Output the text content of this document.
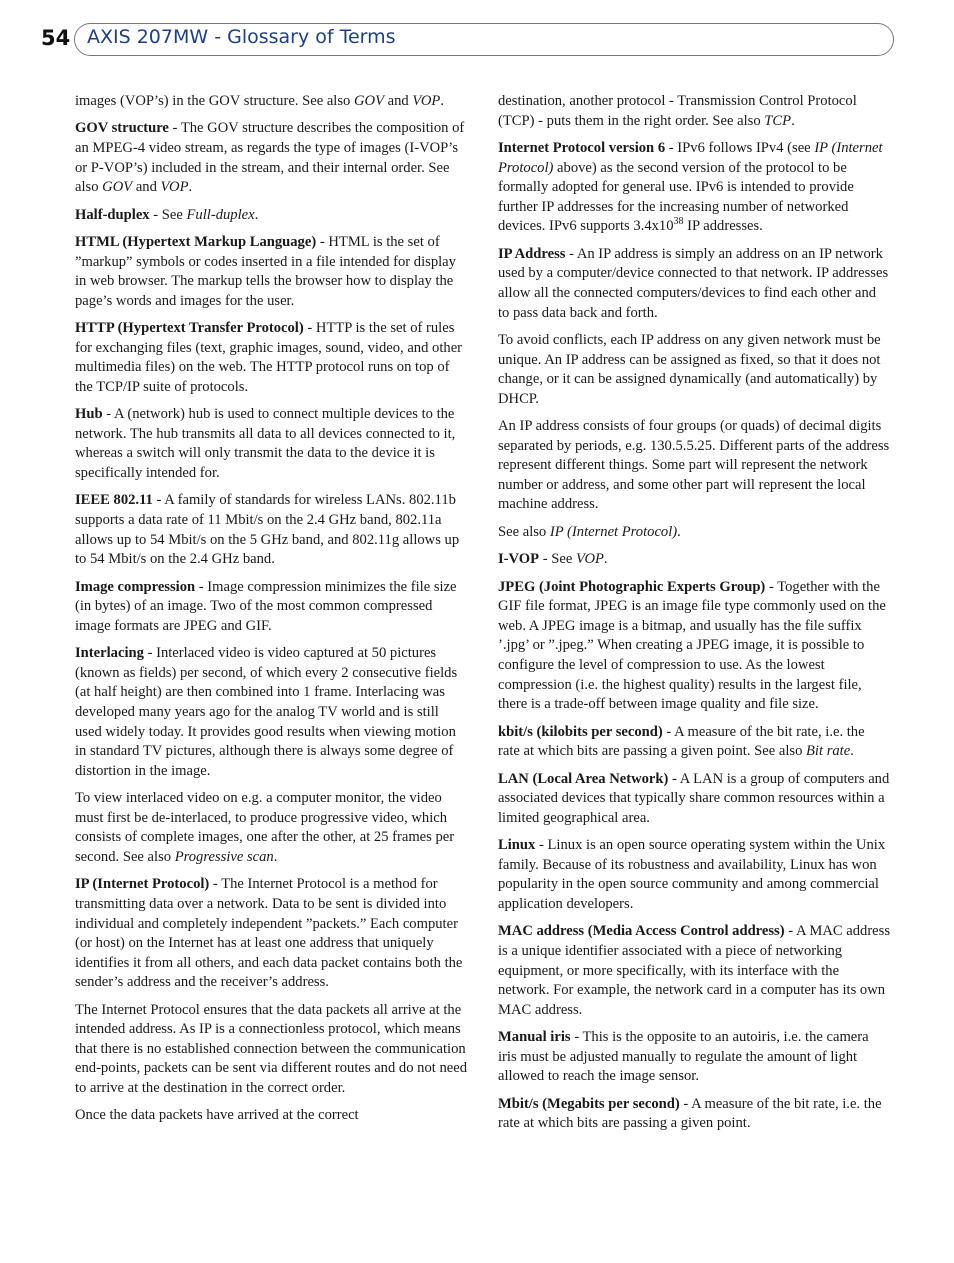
54 AXIS 207MW - Glossary of Terms

images (VOP’s) in the GOV structure. See also GOV and VOP.

GOV structure - The GOV structure describes the composition of an MPEG-4 video stream, as regards the type of images (I-VOP’s or P-VOP’s) included in the stream, and their internal order. See also GOV and VOP.

Half-duplex - See Full-duplex.

HTML (Hypertext Markup Language) - HTML is the set of ”markup” symbols or codes inserted in a file intended for display in web browser. The markup tells the browser how to display the page’s words and images for the user.

HTTP (Hypertext Transfer Protocol) - HTTP is the set of rules for exchanging files (text, graphic images, sound, video, and other multimedia files) on the web. The HTTP protocol runs on top of the TCP/IP suite of protocols.

Hub - A (network) hub is used to connect multiple devices to the network. The hub transmits all data to all devices connected to it, whereas a switch will only transmit the data to the device it is specifically intended for.

IEEE 802.11 - A family of standards for wireless LANs. 802.11b supports a data rate of 11 Mbit/s on the 2.4 GHz band, 802.11a allows up to 54 Mbit/s on the 5 GHz band, and 802.11g allows up to 54 Mbit/s on the 2.4 GHz band.

Image compression - Image compression minimizes the file size (in bytes) of an image. Two of the most common compressed image formats are JPEG and GIF.

Interlacing - Interlaced video is video captured at 50 pictures (known as fields) per second, of which every 2 consecutive fields (at half height) are then combined into 1 frame. Interlacing was developed many years ago for the analog TV world and is still used widely today. It provides good results when viewing motion in standard TV pictures, although there is always some degree of distortion in the image.

To view interlaced video on e.g. a computer monitor, the video must first be de-interlaced, to produce progressive video, which consists of complete images, one after the other, at 25 frames per second. See also Progressive scan.

IP (Internet Protocol) - The Internet Protocol is a method for transmitting data over a network. Data to be sent is divided into individual and completely independent ”packets.” Each computer (or host) on the Internet has at least one address that uniquely identifies it from all others, and each data packet contains both the sender’s address and the receiver’s address.

The Internet Protocol ensures that the data packets all arrive at the intended address. As IP is a connectionless protocol, which means that there is no established connection between the communication end-points, packets can be sent via different routes and do not need to arrive at the destination in the correct order.

Once the data packets have arrived at the correct

destination, another protocol - Transmission Control Protocol (TCP) - puts them in the right order. See also TCP.

Internet Protocol version 6 - IPv6 follows IPv4 (see IP (Internet Protocol) above) as the second version of the protocol to be formally adopted for general use. IPv6 is intended to provide further IP addresses for the increasing number of networked devices. IPv6 supports $3.4x10^{38}$ IP addresses.

IP Address - An IP address is simply an address on an IP network used by a computer/device connected to that network. IP addresses allow all the connected computers/devices to find each other and to pass data back and forth.

To avoid conflicts, each IP address on any given network must be unique. An IP address can be assigned as fixed, so that it does not change, or it can be assigned dynamically (and automatically) by DHCP.

An IP address consists of four groups (or quads) of decimal digits separated by periods, e.g. 130.5.5.25. Different parts of the address represent different things. Some part will represent the network number or address, and some other part will represent the local machine address.

See also IP (Internet Protocol).

I-VOP - See VOP.

JPEG (Joint Photographic Experts Group) - Together with the GIF file format, JPEG is an image file type commonly used on the web. A JPEG image is a bitmap, and usually has the file suffix ’.jpg’ or ”.jpeg.” When creating a JPEG image, it is possible to configure the level of compression to use. As the lowest compression (i.e. the highest quality) results in the largest file, there is a trade-off between image quality and file size.

kbit/s (kilobits per second) - A measure of the bit rate, i.e. the rate at which bits are passing a given point. See also Bit rate.

LAN (Local Area Network) - A LAN is a group of computers and associated devices that typically share common resources within a limited geographical area.

Linux - Linux is an open source operating system within the Unix family. Because of its robustness and availability, Linux has won popularity in the open source community and among commercial application developers.

MAC address (Media Access Control address) - A MAC address is a unique identifier associated with a piece of networking equipment, or more specifically, with its interface with the network. For example, the network card in a computer has its own MAC address.

Manual iris - This is the opposite to an autoiris, i.e. the camera iris must be adjusted manually to regulate the amount of light allowed to reach the image sensor.

Mbit/s (Megabits per second) - A measure of the bit rate, i.e. the rate at which bits are passing a given point.
